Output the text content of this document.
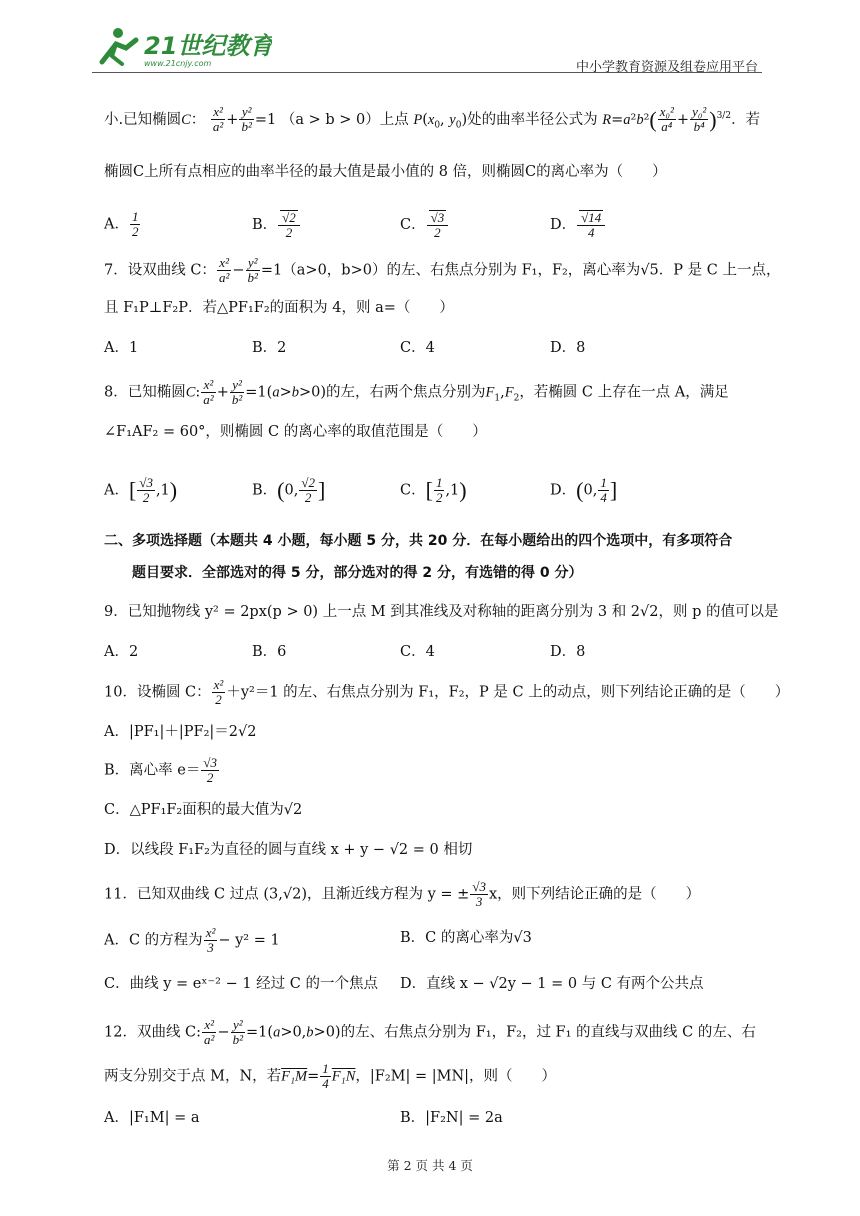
21世纪教育
www.21cnjy.com	中小学教育资源及组卷应用平台
小.已知椭圆C： $\frac{\text{x²}}{\text{a²}} + \frac{\text{y²}}{\text{b²}} =1$ （a > b > 0）上点 $P(x_0$, $y_0$)处的曲率半径公式为 $R=a^2b^2( \frac{\text{x₀²}}{\text{a⁴}} + \frac{\text{y₀²}}{\text{b⁴}} )^{3/2}$．若
椭圆C上所有点相应的曲率半径的最大值是最小值的 8 倍，则椭圆C的离心率为（　　）
A． $\frac{1}{2}$	B． $\frac{√2}{2}$	C． $\frac{√3}{2}$	D． $\frac{√14}{4}$
7．设双曲线 C： $\frac{\text{x²}}{\text{a²}} - \frac{\text{y²}}{\text{b²}} =1(a>0$，b>0）的左、右焦点分别为 F₁，F₂，离心率为√5．P 是 C 上一点，
且 F₁P⊥F₂P．若△PF₁F₂的面积为 4，则 a=（　　）
A．1	B．2	C．4	D．8
8．已知椭圆C: $\frac{\text{x²}}{\text{a²}} + \frac{\text{y²}}{\text{b²}} =1(a>b>0)$的左，右两个焦点分别为$F_1,F_2$，若椭圆 C 上存在一点 A，满足
∠F₁AF₂ = 60°，则椭圆 C 的离心率的取值范围是（　　）
A．[ $\frac{√3}{2} ,1$)	B．(0, $\frac{√2}{2}$ ]	C．[ $\frac{1}{2} ,1$)	D．(0, $\frac{1}{4}$ ]
二、多项选择题（本题共 4 小题，每小题 5 分，共 20 分．在每小题给出的四个选项中，有多项符合
题目要求．全部选对的得 5 分，部分选对的得 2 分，有选错的得 0 分）
9．已知抛物线 y² = 2px(p > 0) 上一点 M 到其准线及对称轴的距离分别为 3 和 2√2，则 p 的值可以是
A．2	B．6	C．4	D．8
10．设椭圆 C： $\frac{\text{x²}}{2} +y^2=1$ 的左、右焦点分别为 F₁，F₂，P 是 C 上的动点，则下列结论正确的是（　　）
A．|PF₁|＋|PF₂|＝2√2
B．离心率 $e= \frac{√3}{2}$
C．△PF₁F₂面积的最大值为√2
D．以线段 F₁F₂为直径的圆与直线 x + y − √2 = 0 相切
11．已知双曲线 C 过点 (3,√2)，且渐近线方程为 y = ± $\frac{√3}{3}$ x，则下列结论正确的是（　　）
A．C 的方程为 $\frac{\text{x²}}{3} - y^2 = 1$	B．C 的离心率为√3
C．曲线 y = eˣ⁻² − 1 经过 C 的一个焦点 D．直线 x − √2y − 1 = 0 与 C 有两个公共点
12．双曲线 C: $\frac{\text{x²}}{\text{a²}} - \frac{\text{y²}}{\text{b²}} =1(a>0,b>0)$的左、右焦点分别为 F₁，F₂，过 F₁ 的直线与双曲线 C 的左、右
两支分别交于点 M，N，若$F_1M= \frac{1}{4} F_1N$，|F₂M| = |MN|，则（　　）
A．|F₁M| = a	B．|F₂N| = 2a
第 2 页 共 4 页
